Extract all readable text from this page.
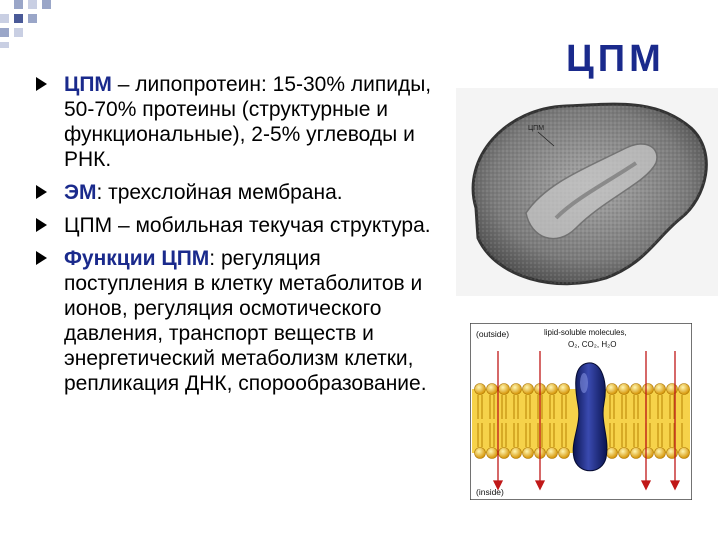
ЦПМ
ЦПМ – липопротеин: 15-30% липиды, 50-70% протеины (структурные и функциональные), 2-5% углеводы и РНК.
ЭМ: трехслойная мембрана.
ЦПМ – мобильная текучая структура.
Функции ЦПМ: регуляция поступления в клетку метаболитов и ионов, регуляция осмотического давления, транспорт веществ и энергетический метаболизм клетки, репликация ДНК, спорообразование.
ЦПМ
(outside)	lipid-soluble molecules,
O₂, CO₂, H₂O
(inside)
